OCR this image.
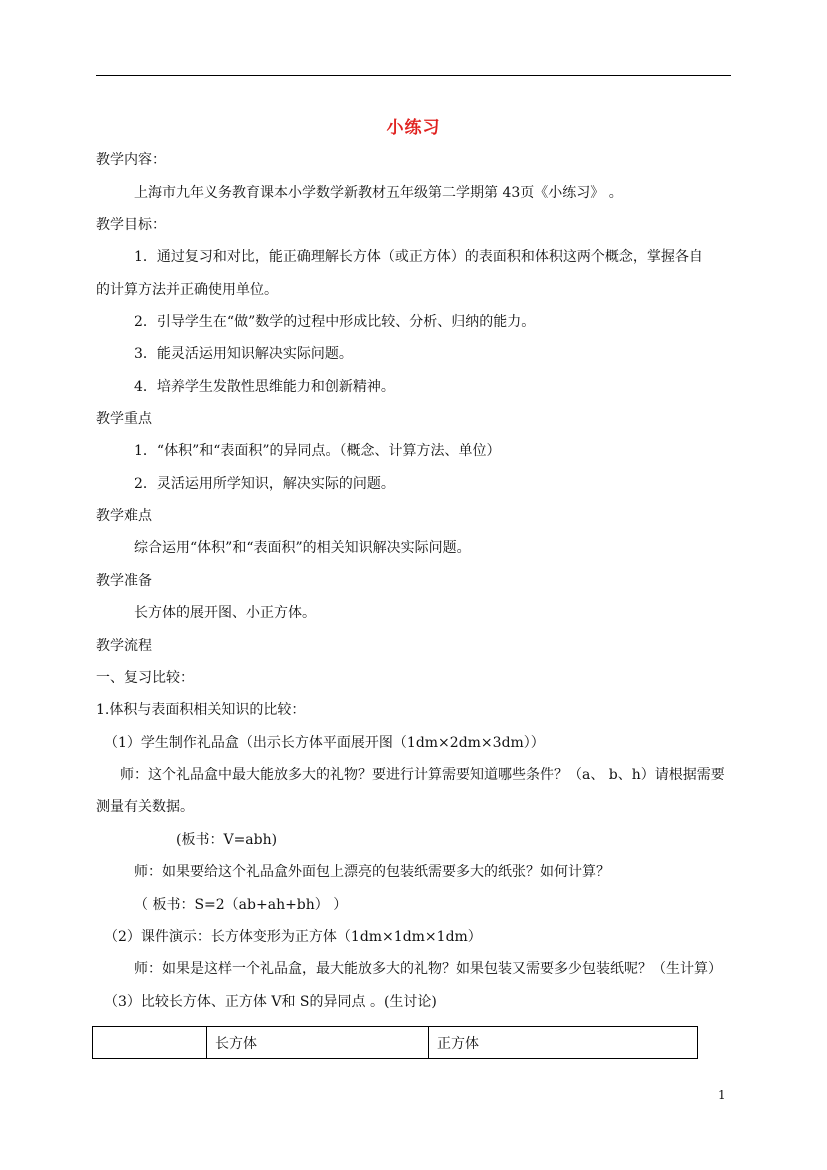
小练习
教学内容：
上海市九年义务教育课本小学数学新教材五年级第二学期第 43页《小练习》 。
教学目标：
1．通过复习和对比，能正确理解长方体（或正方体）的表面积和体积这两个概念，掌握各自
的计算方法并正确使用单位。
2．引导学生在“做”数学的过程中形成比较、分析、归纳的能力。
3．能灵活运用知识解决实际问题。
4．培养学生发散性思维能力和创新精神。
教学重点
1．“体积”和“表面积”的异同点。（概念、计算方法、单位）
2．灵活运用所学知识，解决实际的问题。
教学难点
综合运用“体积”和“表面积”的相关知识解决实际问题。
教学准备
长方体的展开图、小正方体。
教学流程
一、复习比较：
1.体积与表面积相关知识的比较：
（1）学生制作礼品盒（出示长方体平面展开图（1dm×2dm×3dm））
师：这个礼品盒中最大能放多大的礼物？要进行计算需要知道哪些条件？（a、 b、h）请根据需要
测量有关数据。
(板书：V=abh)
师：如果要给这个礼品盒外面包上漂亮的包装纸需要多大的纸张？如何计算？
（ 板书：S=2（ab+ah+bh） ）
（2）课件演示：长方体变形为正方体（1dm×1dm×1dm）
师：如果是这样一个礼品盒，最大能放多大的礼物？如果包装又需要多少包装纸呢？（生计算）
（3）比较长方体、正方体 V和 S的异同点 。(生讨论)
	长方体	正方体
1
